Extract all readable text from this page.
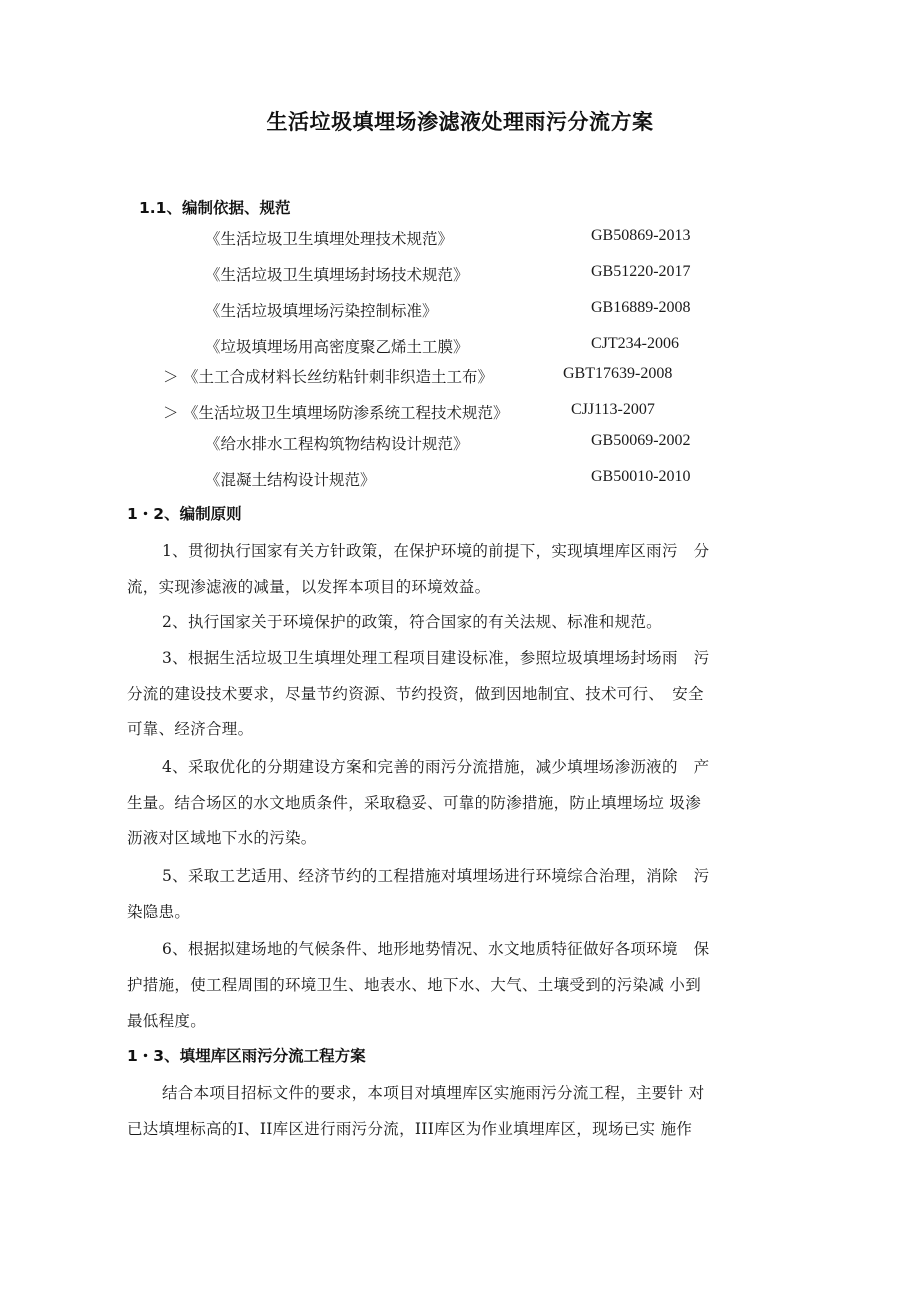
生活垃圾填埋场渗滤液处理雨污分流方案
1.1、编制依据、规范
《生活垃圾卫生填埋处理技术规范》	GB50869-2013
《生活垃圾卫生填埋场封场技术规范》	GB51220-2017
《生活垃圾填埋场污染控制标准》	GB16889-2008
《垃圾填埋场用高密度聚乙烯土工膜》	CJT234-2006
＞ 《土工合成材料长丝纺粘针刺非织造土工布》	GBT17639-2008
＞ 《生活垃圾卫生填埋场防渗系统工程技术规范》	CJJ113-2007
《给水排水工程构筑物结构设计规范》	GB50069-2002
《混凝土结构设计规范》	GB50010-2010
1・2、编制原则
1、贯彻执行国家有关方针政策，在保护环境的前提下，实现填埋库区雨污　分
流，实现渗滤液的减量，以发挥本项目的环境效益。
2、执行国家关于环境保护的政策，符合国家的有关法规、标准和规范。
3、根据生活垃圾卫生填埋处理工程项目建设标准，参照垃圾填埋场封场雨　污
分流的建设技术要求，尽量节约资源、节约投资，做到因地制宜、技术可行、　安全
可靠、经济合理。
4、采取优化的分期建设方案和完善的雨污分流措施，减少填埋场渗沥液的　产
生量。结合场区的水文地质条件，采取稳妥、可靠的防渗措施，防止填埋场垃 圾渗
沥液对区域地下水的污染。
5、采取工艺适用、经济节约的工程措施对填埋场进行环境综合治理，消除　污
染隐患。
6、根据拟建场地的气候条件、地形地势情况、水文地质特征做好各项环境　保
护措施，使工程周围的环境卫生、地表水、地下水、大气、土壤受到的污染减 小到
最低程度。
1・3、填埋库区雨污分流工程方案
结合本项目招标文件的要求，本项目对填埋库区实施雨污分流工程，主要针 对
已达填埋标高的I、II库区进行雨污分流，III库区为作业填埋库区，现场已实 施作
